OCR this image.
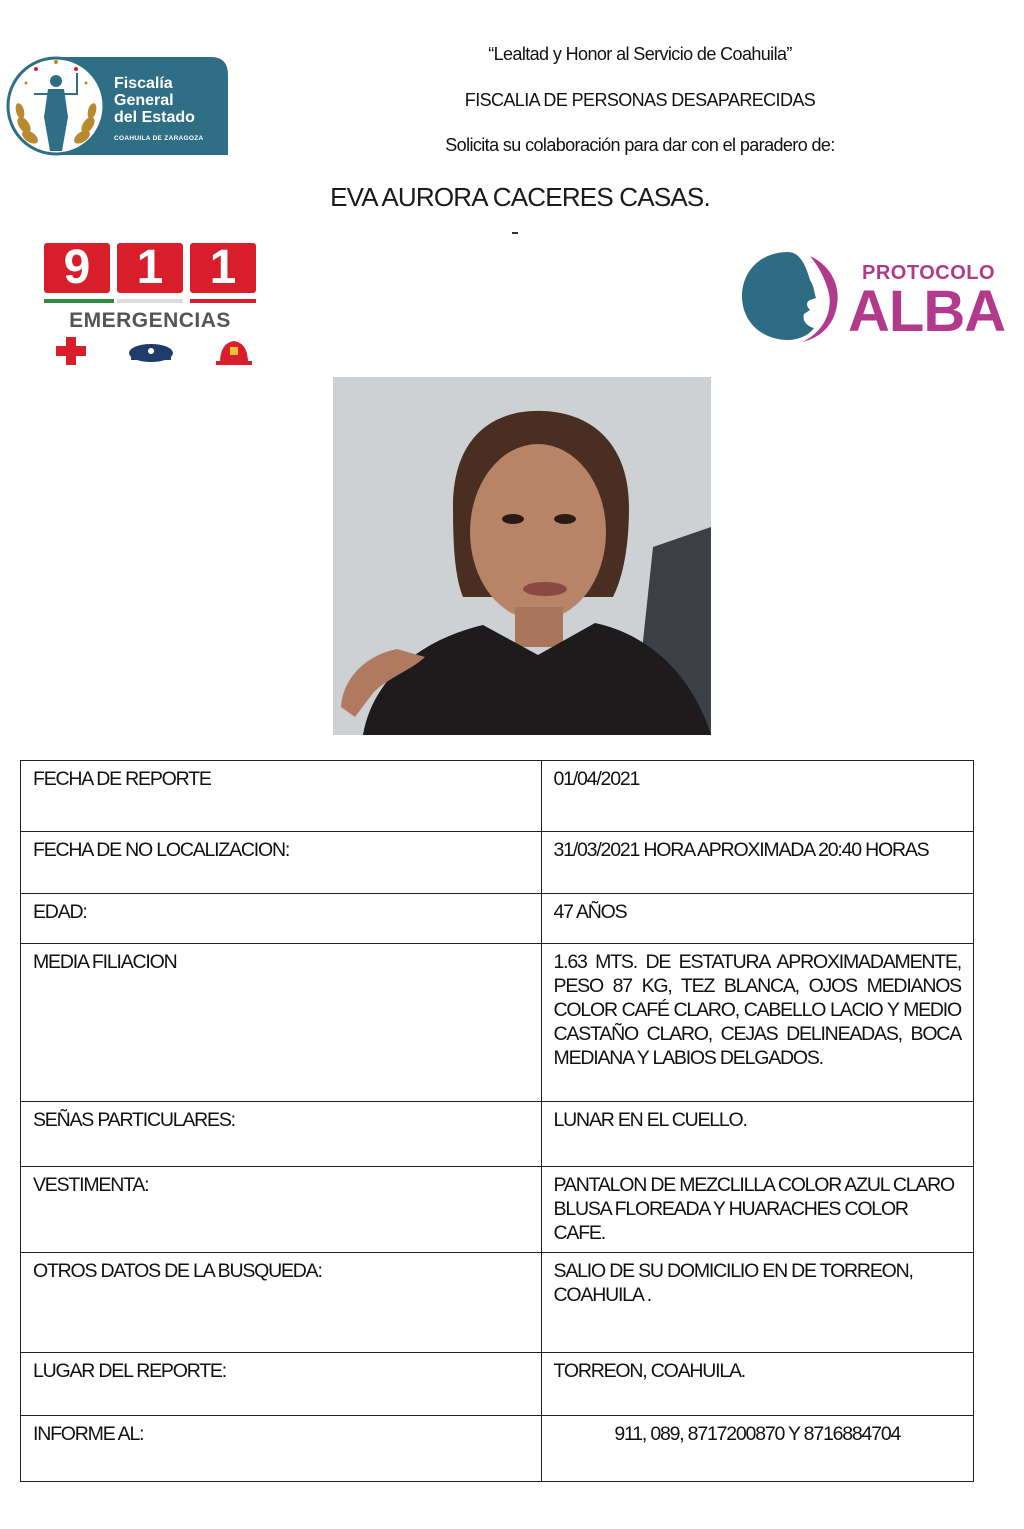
Fiscalía
General
del Estado
COAHUILA DE ZARAGOZA
“Lealtad y Honor al Servicio de Coahuila”
FISCALIA DE PERSONAS DESAPARECIDAS
Solicita su colaboración para dar con el paradero de:
EVA AURORA CACERES CASAS.
9 1 1
EMERGENCIAS
PROTOCOLO
ALBA
FECHA DE REPORTE	01/04/2021
FECHA DE NO LOCALIZACION:	31/03/2021 HORA APROXIMADA 20:40 HORAS
EDAD:	47 AÑOS
MEDIA FILIACION	1.63 MTS. DE ESTATURA APROXIMADAMENTE, PESO 87 KG, TEZ BLANCA, OJOS MEDIANOS COLOR CAFÉ CLARO, CABELLO LACIO Y MEDIO CASTAÑO CLARO, CEJAS DELINEADAS, BOCA MEDIANA Y LABIOS DELGADOS.
SEÑAS PARTICULARES:	LUNAR EN EL CUELLO.
VESTIMENTA:	PANTALON DE MEZCLILLA COLOR AZUL CLARO BLUSA FLOREADA Y HUARACHES COLOR CAFE.
OTROS DATOS DE LA BUSQUEDA:	SALIO DE SU DOMICILIO EN DE TORREON, COAHUILA .
LUGAR DEL REPORTE:	TORREON, COAHUILA.
INFORME AL:	911, 089, 8717200870 Y 8716884704
